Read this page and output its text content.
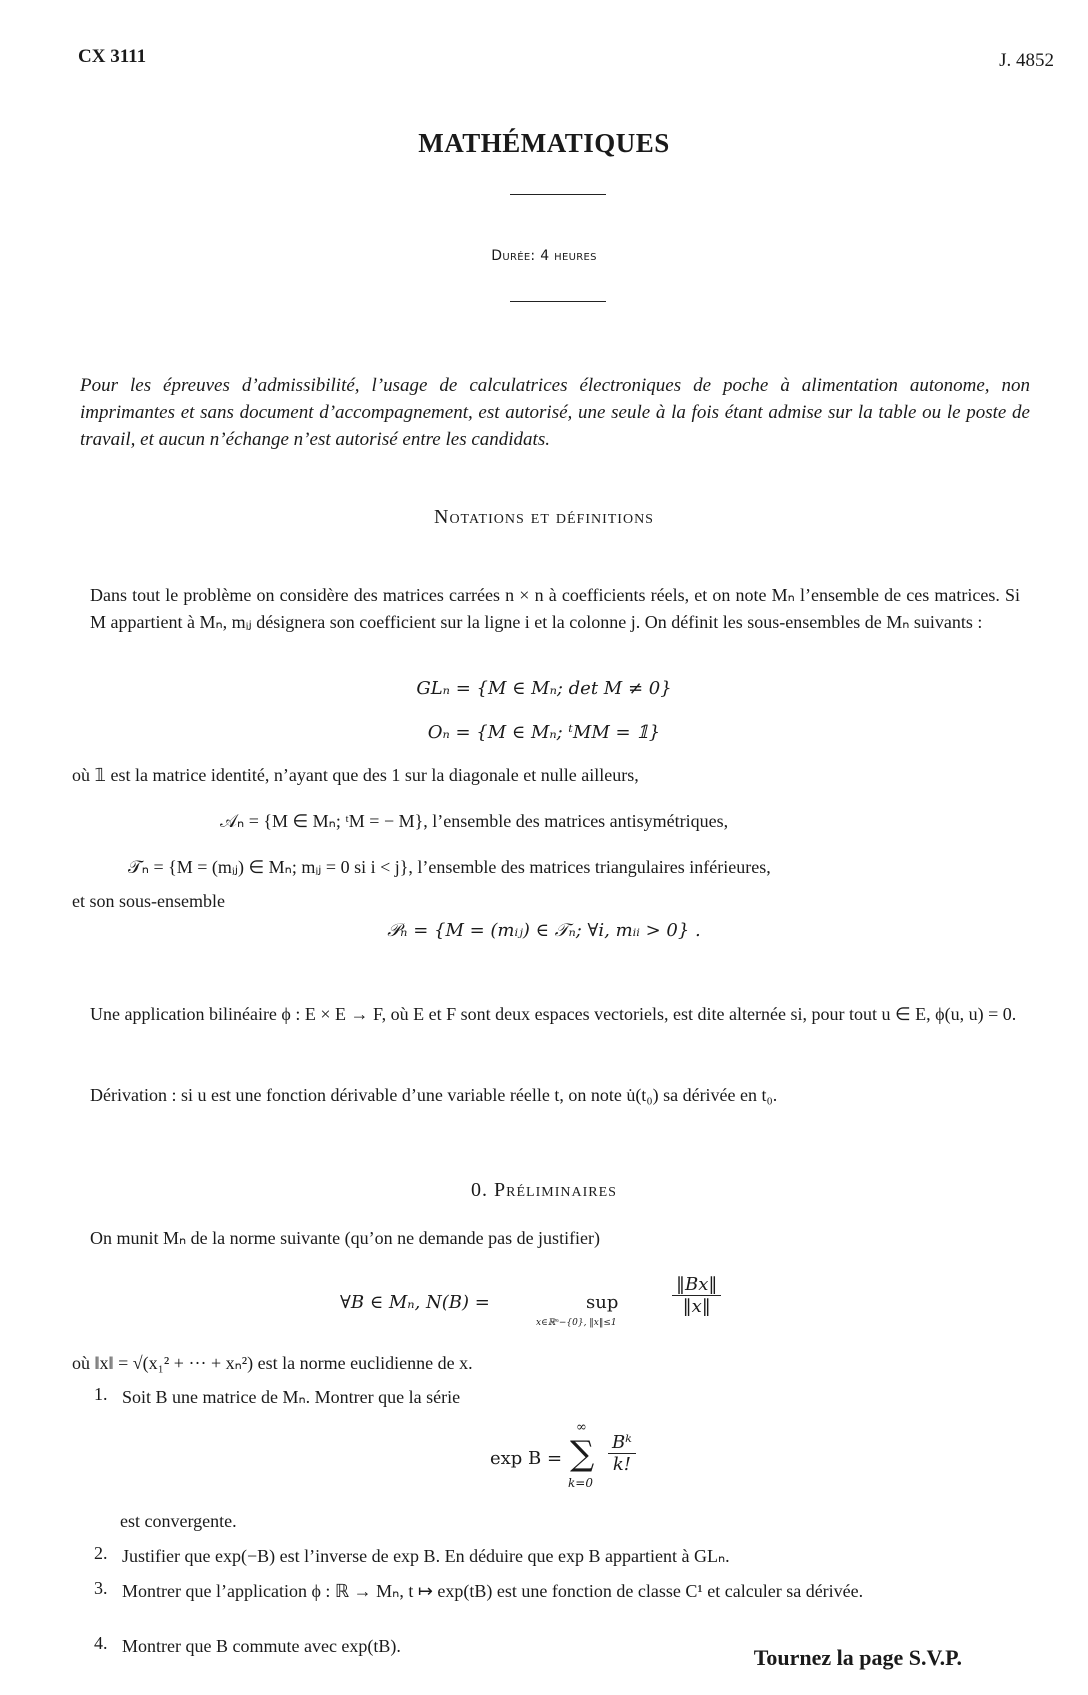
CX 3111	J. 4852
MATHÉMATIQUES
Durée: 4 heures
Pour les épreuves d’admissibilité, l’usage de calculatrices électroniques de poche à alimentation autonome, non imprimantes et sans document d’accompagnement, est autorisé, une seule à la fois étant admise sur la table ou le poste de travail, et aucun n’échange n’est autorisé entre les candidats.
Notations et définitions
Dans tout le problème on considère des matrices carrées n × n à coefficients réels, et on note Mₙ l’ensemble de ces matrices. Si M appartient à Mₙ, mᵢⱼ désignera son coefficient sur la ligne i et la colonne j. On définit les sous-ensembles de Mₙ suivants :
GLₙ = {M ∈ Mₙ; det M ≠ 0}
Oₙ = {M ∈ Mₙ; ᵗMM = 𝟙}
où 𝟙 est la matrice identité, n’ayant que des 1 sur la diagonale et nulle ailleurs,
𝒜ₙ = {M ∈ Mₙ; ᵗM = − M}, l’ensemble des matrices antisymétriques,
𝒯ₙ = {M = (mᵢⱼ) ∈ Mₙ; mᵢⱼ = 0 si i < j}, l’ensemble des matrices triangulaires inférieures,
et son sous-ensemble
𝒫ₙ = {M = (mᵢⱼ) ∈ 𝒯ₙ; ∀i, mᵢᵢ > 0} .
Une application bilinéaire ϕ : E × E → F, où E et F sont deux espaces vectoriels, est dite alternée si, pour tout u ∈ E, ϕ(u, u) = 0.
Dérivation : si u est une fonction dérivable d’une variable réelle t, on note u̇(t₀) sa dérivée en t₀.
0. Préliminaires
On munit Mₙ de la norme suivante (qu’on ne demande pas de justifier)
∀B ∈ Mₙ, N(B) =	sup
x∈ℝⁿ−{0}, ‖x‖≤1
$\frac{‖Bx‖}{‖x‖}$
où ‖x‖ = √(x₁² + ··· + xₙ²) est la norme euclidienne de x.
1. Soit B une matrice de Mₙ. Montrer que la série
exp B =
∞
∑
k=0
$\frac{\text{Bᵏ}}{k!}$
est convergente.
2. Justifier que exp(−B) est l’inverse de exp B. En déduire que exp B appartient à GLₙ.
3. Montrer que l’application ϕ : ℝ → Mₙ, t ↦ exp(tB) est une fonction de classe C¹ et calculer sa dérivée.
4. Montrer que B commute avec exp(tB).	Tournez la page S.V.P.
